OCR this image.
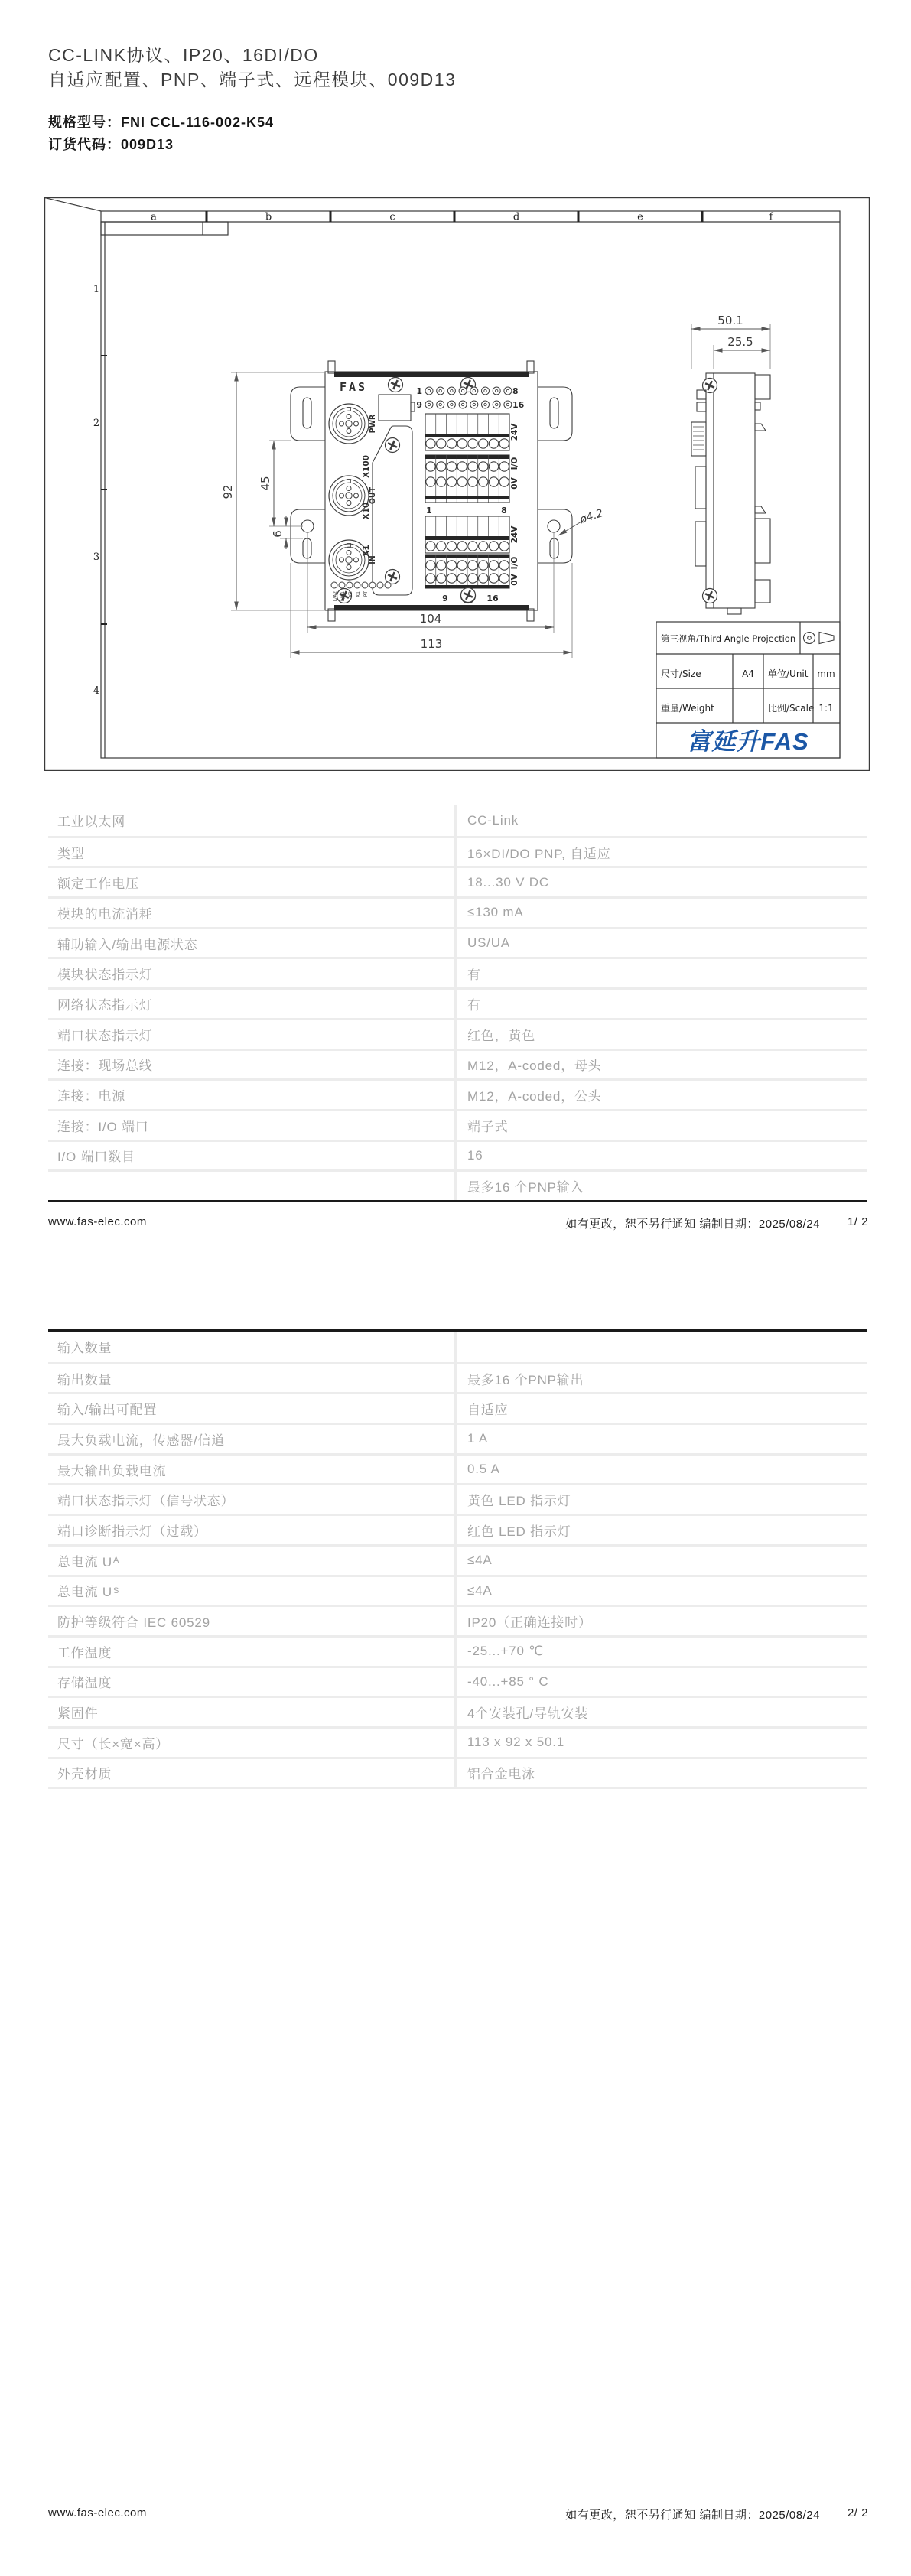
CC-LINK协议、IP20、16DI/DO
自适应配置、PNP、端子式、远程模块、009D13
规格型号：FNI CCL-116-002-K54
订货代码：009D13
a	b	c	d	e	f
1
2
3
4
FAS
PWR
OUT
IN
X100
X10
X1
1	8
9	16
1	8
9	16
24V
I/O
0V
24V
I/O
0V
L/A2 L/A1 X2 X1 PT
92
45
6
104
113
ø4.2
50.1
25.5
第三视角/Third Angle Projection
尺寸/Size	A4 单位/Unit mm
重量/Weight	比例/Scale 1:1
富延升FAS
工业以太网	CC-Link
类型	16×DI/DO PNP, 自适应
额定工作电压	18...30 V DC
模块的电流消耗	≤130 mA
辅助输入/输出电源状态	US/UA
模块状态指示灯	有
网络状态指示灯	有
端口状态指示灯	红色，黄色
连接：现场总线	M12，A-coded，母头
连接：电源	M12，A-coded，公头
连接：I/O 端口	端子式
I/O 端口数目	16
最多16 个PNP输入
www.fas-elec.com	如有更改，恕不另行通知 编制日期：2025/08/24 1/ 2
输入数量
输出数量	最多16 个PNP输出
输入/输出可配置	自适应
最大负载电流，传感器/信道	1 A
最大输出负载电流	0.5 A
端口状态指示灯（信号状态）	黄色 LED 指示灯
端口诊断指示灯（过载）	红色 LED 指示灯
总电流 U A	≤4A
总电流 U S	≤4A
防护等级符合 IEC 60529	IP20（正确连接时）
工作温度	-25...+70 ℃
存储温度	-40...+85 ° C
紧固件	4个安装孔/导轨安装
尺寸（长×宽×高）	113 x 92 x 50.1
外壳材质	铝合金电泳
www.fas-elec.com	如有更改，恕不另行通知 编制日期：2025/08/24 2/ 2
